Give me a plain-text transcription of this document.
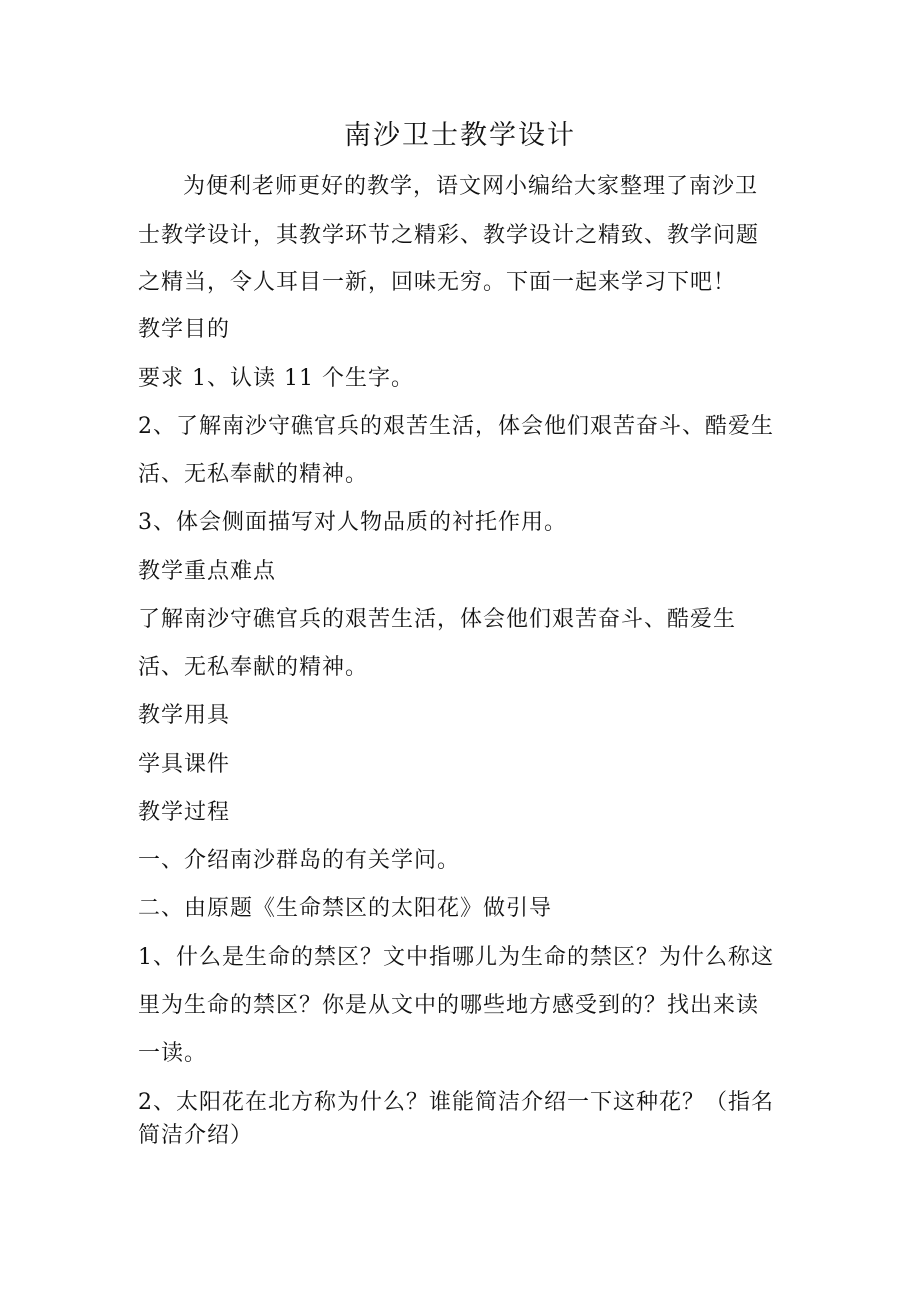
南沙卫士教学设计

为便利老师更好的教学，语文网小编给大家整理了南沙卫

士教学设计，其教学环节之精彩、教学设计之精致、教学问题

之精当，令人耳目一新，回味无穷。下面一起来学习下吧！

教学目的

要求 1、认读 11 个生字。

2、了解南沙守礁官兵的艰苦生活，体会他们艰苦奋斗、酷爱生

活、无私奉献的精神。

3、体会侧面描写对人物品质的衬托作用。

教学重点难点

了解南沙守礁官兵的艰苦生活，体会他们艰苦奋斗、酷爱生

活、无私奉献的精神。

教学用具

学具课件

教学过程

一、介绍南沙群岛的有关学问。

二、由原题《生命禁区的太阳花》做引导

1、什么是生命的禁区？文中指哪儿为生命的禁区？为什么称这

里为生命的禁区？你是从文中的哪些地方感受到的？找出来读

一读。

2、太阳花在北方称为什么？谁能简洁介绍一下这种花？（指名

简洁介绍）
